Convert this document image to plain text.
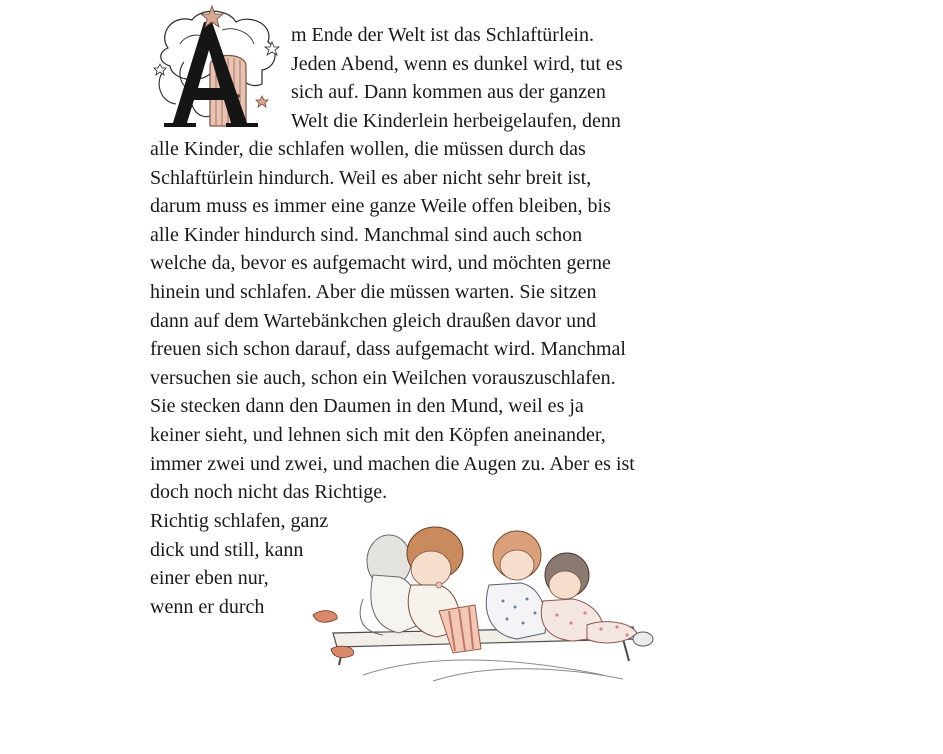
m Ende der Welt ist das Schlaftürlein.
Jeden Abend, wenn es dunkel wird, tut es
sich auf. Dann kommen aus der ganzen
Welt die Kinderlein herbeigelaufen, denn
alle Kinder, die schlafen wollen, die müssen durch das
Schlaftürlein hindurch. Weil es aber nicht sehr breit ist,
darum muss es immer eine ganze Weile offen bleiben, bis
alle Kinder hindurch sind. Manchmal sind auch schon
welche da, bevor es aufgemacht wird, und möchten gerne
hinein und schlafen. Aber die müssen warten. Sie sitzen
dann auf dem Wartebänkchen gleich draußen davor und
freuen sich schon darauf, dass aufgemacht wird. Manchmal
versuchen sie auch, schon ein Weilchen vorauszuschlafen.
Sie stecken dann den Daumen in den Mund, weil es ja
keiner sieht, und lehnen sich mit den Köpfen aneinander,
immer zwei und zwei, und machen die Augen zu. Aber es ist
doch noch nicht das Richtige.
Richtig schlafen, ganz
dick und still, kann
einer eben nur,
wenn er durch
